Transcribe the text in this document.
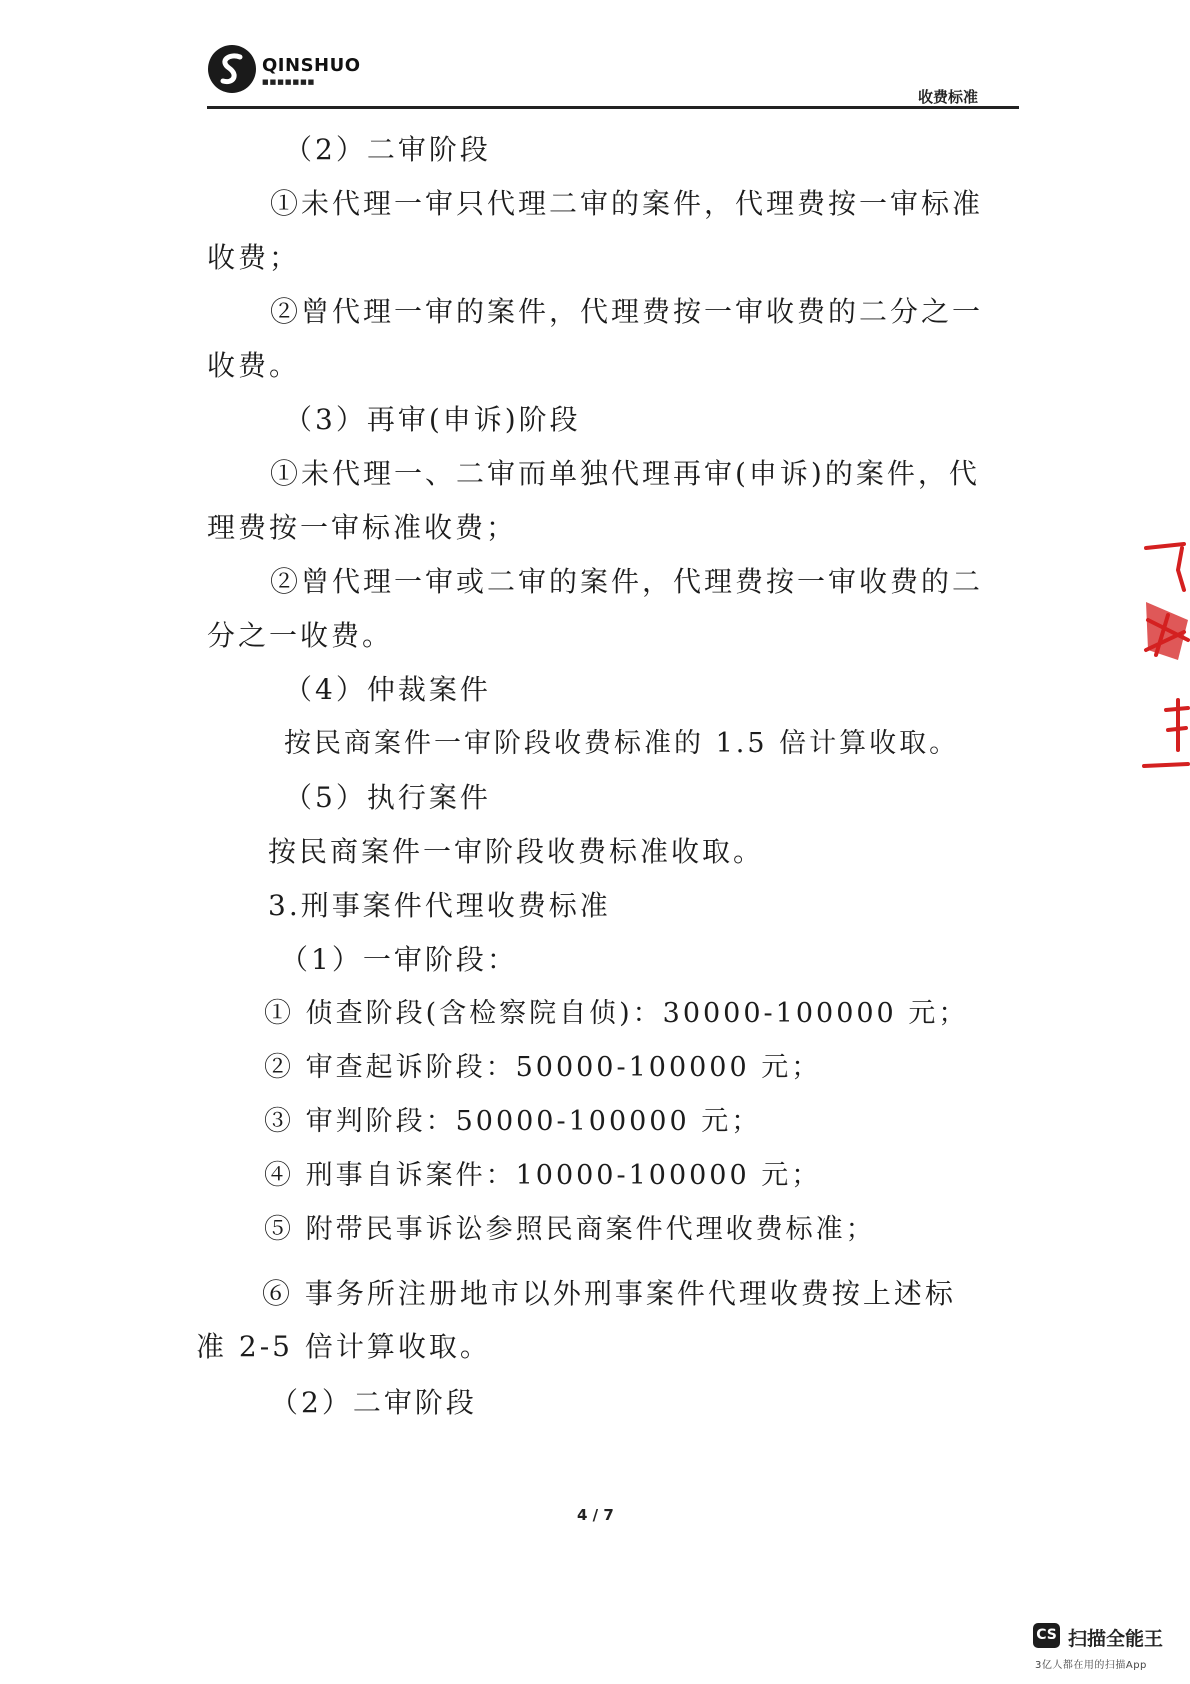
QINSHUO
■■■■■■■
收费标准
（2）二审阶段
①未代理一审只代理二审的案件，代理费按一审标准
收费；
②曾代理一审的案件，代理费按一审收费的二分之一
收费。
（3）再审(申诉)阶段
①未代理一、二审而单独代理再审(申诉)的案件，代
理费按一审标准收费；
②曾代理一审或二审的案件，代理费按一审收费的二
分之一收费。
（4）仲裁案件
按民商案件一审阶段收费标准的 1.5 倍计算收取。
（5）执行案件
按民商案件一审阶段收费标准收取。
3.刑事案件代理收费标准
（1）一审阶段：
① 侦查阶段(含检察院自侦)：30000-100000 元；
② 审查起诉阶段：50000-100000 元；
③ 审判阶段：50000-100000 元；
④ 刑事自诉案件：10000-100000 元；
⑤ 附带民事诉讼参照民商案件代理收费标准；
⑥ 事务所注册地市以外刑事案件代理收费按上述标
准 2-5 倍计算收取。
（2）二审阶段
4 / 7
CS 扫描全能王
3亿人都在用的扫描App
